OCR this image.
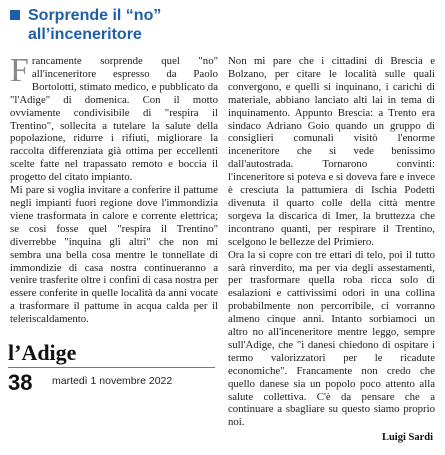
Sorprende il “no”
all’inceneritore

Francamente sorprende quel "no" all'inceneritore espresso da Paolo Bortolotti, stimato medico, e pubblicato da "l'Adige" di domenica. Con il motto ovviamente condivisibile di "respira il Trentino", sollecita a tutelare la salute della popolazione, ridurre i rifiuti, migliorare la raccolta differenziata già ottima per eccellenti scelte fatte nel trapassato remoto e boccia il progetto del citato impianto.

Mi pare si voglia invitare a conferire il pattume negli impianti fuori regione dove l'immondizia viene trasformata in calore e corrente elettrica; se così fosse quel "respira il Trentino" diverrebbe "inquina gli altri" che non mi sembra una bella cosa mentre le tonnellate di immondizie di casa nostra continueranno a venire trasferite oltre i confini di casa nostra per essere conferite in quelle località da anni vocate a trasformare il pattume in acqua calda per il teleriscaldamento.

Non mi pare che i cittadini di Brescia e Bolzano, per citare le località sulle quali convergono, e quelli si inquinano, i carichi di materiale, abbiano lanciato alti lai in tema di inquinamento. Appunto Brescia: a Trento era sindaco Adriano Goio quando un gruppo di consiglieri comunali visitò l'enorme inceneritore che si vede benissimo dall'autostrada. Tornarono convinti: l'inceneritore si poteva e si doveva fare e invece è cresciuta la pattumiera di Ischia Podetti divenuta il quarto colle della città mentre sorgeva la discarica di Imer, la bruttezza che incontrano quanti, per respirare il Trentino, scelgono le bellezze del Primiero.

Ora la si copre con tre ettari di telo, poi il tutto sarà rinverdito, ma per via degli assestamenti, per trasformare quella roba ricca solo di esalazioni e cattivissimi odori in una collina probabilmente non percorribile, ci vorranno almeno cinque anni. Intanto sorbiamoci un altro no all'inceneritore mentre leggo, sempre sull'Adige, che "i danesi chiedono di ospitare i termo valorizzatori per le ricadute economiche". Francamente non credo che quello danese sia un popolo poco attento alla salute collettiva. C'è da pensare che a continuare a sbagliare su questo siamo proprio noi.

l’Adige
38 martedì 1 novembre 2022
Luigi Sardi
